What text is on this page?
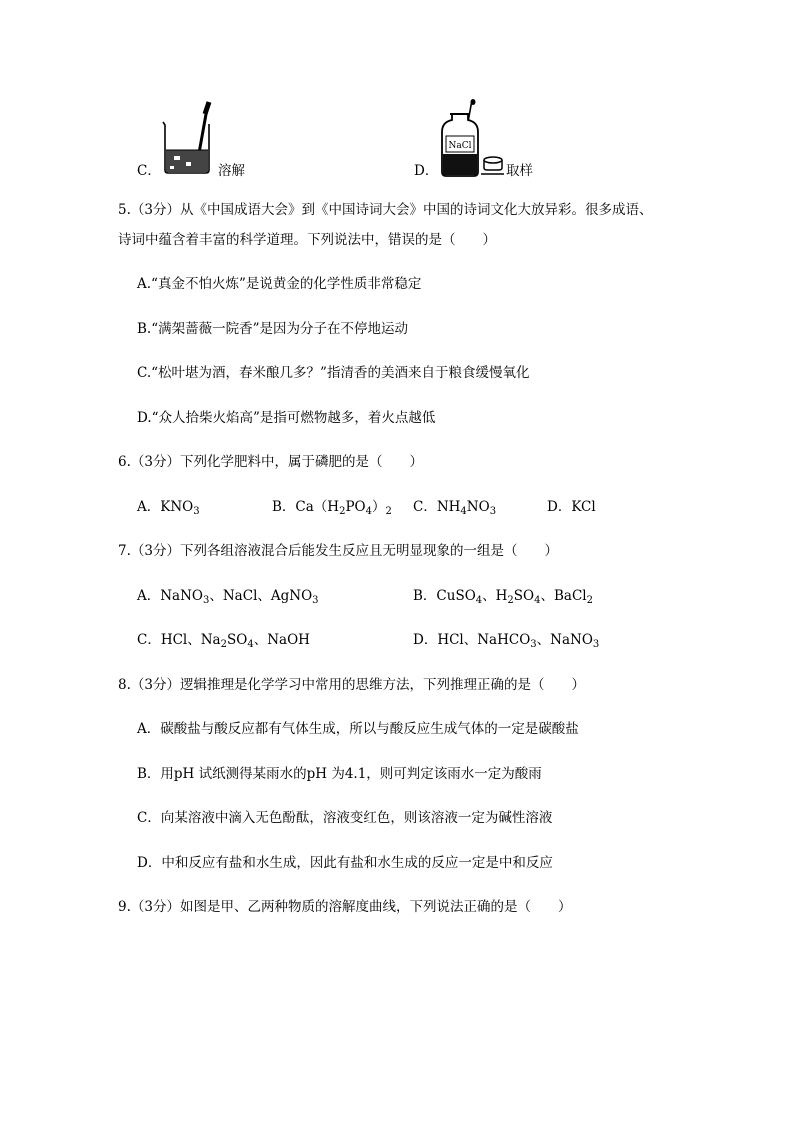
C．	溶解	D．
NaCl
取样
5.（3分）从《中国成语大会》到《中国诗词大会》中国的诗词文化大放异彩。很多成语、
诗词中蕴含着丰富的科学道理。下列说法中，错误的是（　　）
A.“真金不怕火炼”是说黄金的化学性质非常稳定
B.“满架蔷薇一院香”是因为分子在不停地运动
C.“松叶堪为酒，春米酿几多？”指清香的美酒来自于粮食缓慢氧化
D.“众人拾柴火焰高”是指可燃物越多，着火点越低
6.（3分）下列化学肥料中，属于磷肥的是（　　）
A．$KNO_3$	B．$Ca(H_2PO_4)_2$ C．$NH_4NO_3$	D．KCl
7.（3分）下列各组溶液混合后能发生反应且无明显现象的一组是（　　）
A．NaNO$_3$、NaCl、AgNO$_3$	B．CuSO$_4$、$H_2SO_4$、BaCl$_2$
C．HCl、$Na_2SO_4$、NaOH	D．HCl、NaHCO$_3$、NaNO$_3$
8.（3分）逻辑推理是化学学习中常用的思维方法，下列推理正确的是（　　）
A．碳酸盐与酸反应都有气体生成，所以与酸反应生成气体的一定是碳酸盐
B．用pH 试纸测得某雨水的pH 为4.1，则可判定该雨水一定为酸雨
C．向某溶液中滴入无色酚酞，溶液变红色，则该溶液一定为碱性溶液
D．中和反应有盐和水生成，因此有盐和水生成的反应一定是中和反应
9.（3分）如图是甲、乙两种物质的溶解度曲线，下列说法正确的是（　　）
